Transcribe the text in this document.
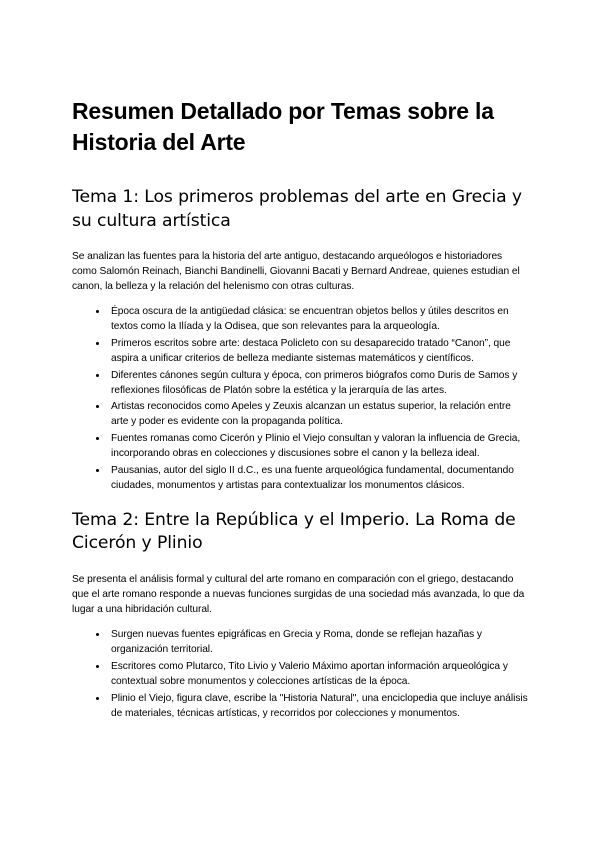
Resumen Detallado por Temas sobre la Historia del Arte
Tema 1: Los primeros problemas del arte en Grecia y su cultura artística

Se analizan las fuentes para la historia del arte antiguo, destacando arqueólogos e historiadores como Salomón Reinach, Bianchi Bandinelli, Giovanni Bacati y Bernard Andreae, quienes estudian el canon, la belleza y la relación del helenismo con otras culturas.

• Época oscura de la antigüedad clásica: se encuentran objetos bellos y útiles descritos en textos como la Ilíada y la Odisea, que son relevantes para la arqueología.
• Primeros escritos sobre arte: destaca Policleto con su desaparecido tratado “Canon”, que aspira a unificar criterios de belleza mediante sistemas matemáticos y científicos.
• Diferentes cánones según cultura y época, con primeros biógrafos como Duris de Samos y reflexiones filosóficas de Platón sobre la estética y la jerarquía de las artes.
• Artistas reconocidos como Apeles y Zeuxis alcanzan un estatus superior, la relación entre arte y poder es evidente con la propaganda política.
• Fuentes romanas como Cicerón y Plinio el Viejo consultan y valoran la influencia de Grecia, incorporando obras en colecciones y discusiones sobre el canon y la belleza ideal.
• Pausanias, autor del siglo II d.C., es una fuente arqueológica fundamental, documentando ciudades, monumentos y artistas para contextualizar los monumentos clásicos.
Tema 2: Entre la República y el Imperio. La Roma de Cicerón y Plinio

Se presenta el análisis formal y cultural del arte romano en comparación con el griego, destacando que el arte romano responde a nuevas funciones surgidas de una sociedad más avanzada, lo que da lugar a una hibridación cultural.

• Surgen nuevas fuentes epigráficas en Grecia y Roma, donde se reflejan hazañas y organización territorial.
• Escritores como Plutarco, Tito Livio y Valerio Máximo aportan información arqueológica y contextual sobre monumentos y colecciones artísticas de la época.
• Plinio el Viejo, figura clave, escribe la "Historia Natural", una enciclopedia que incluye análisis de materiales, técnicas artísticas, y recorridos por colecciones y monumentos.
